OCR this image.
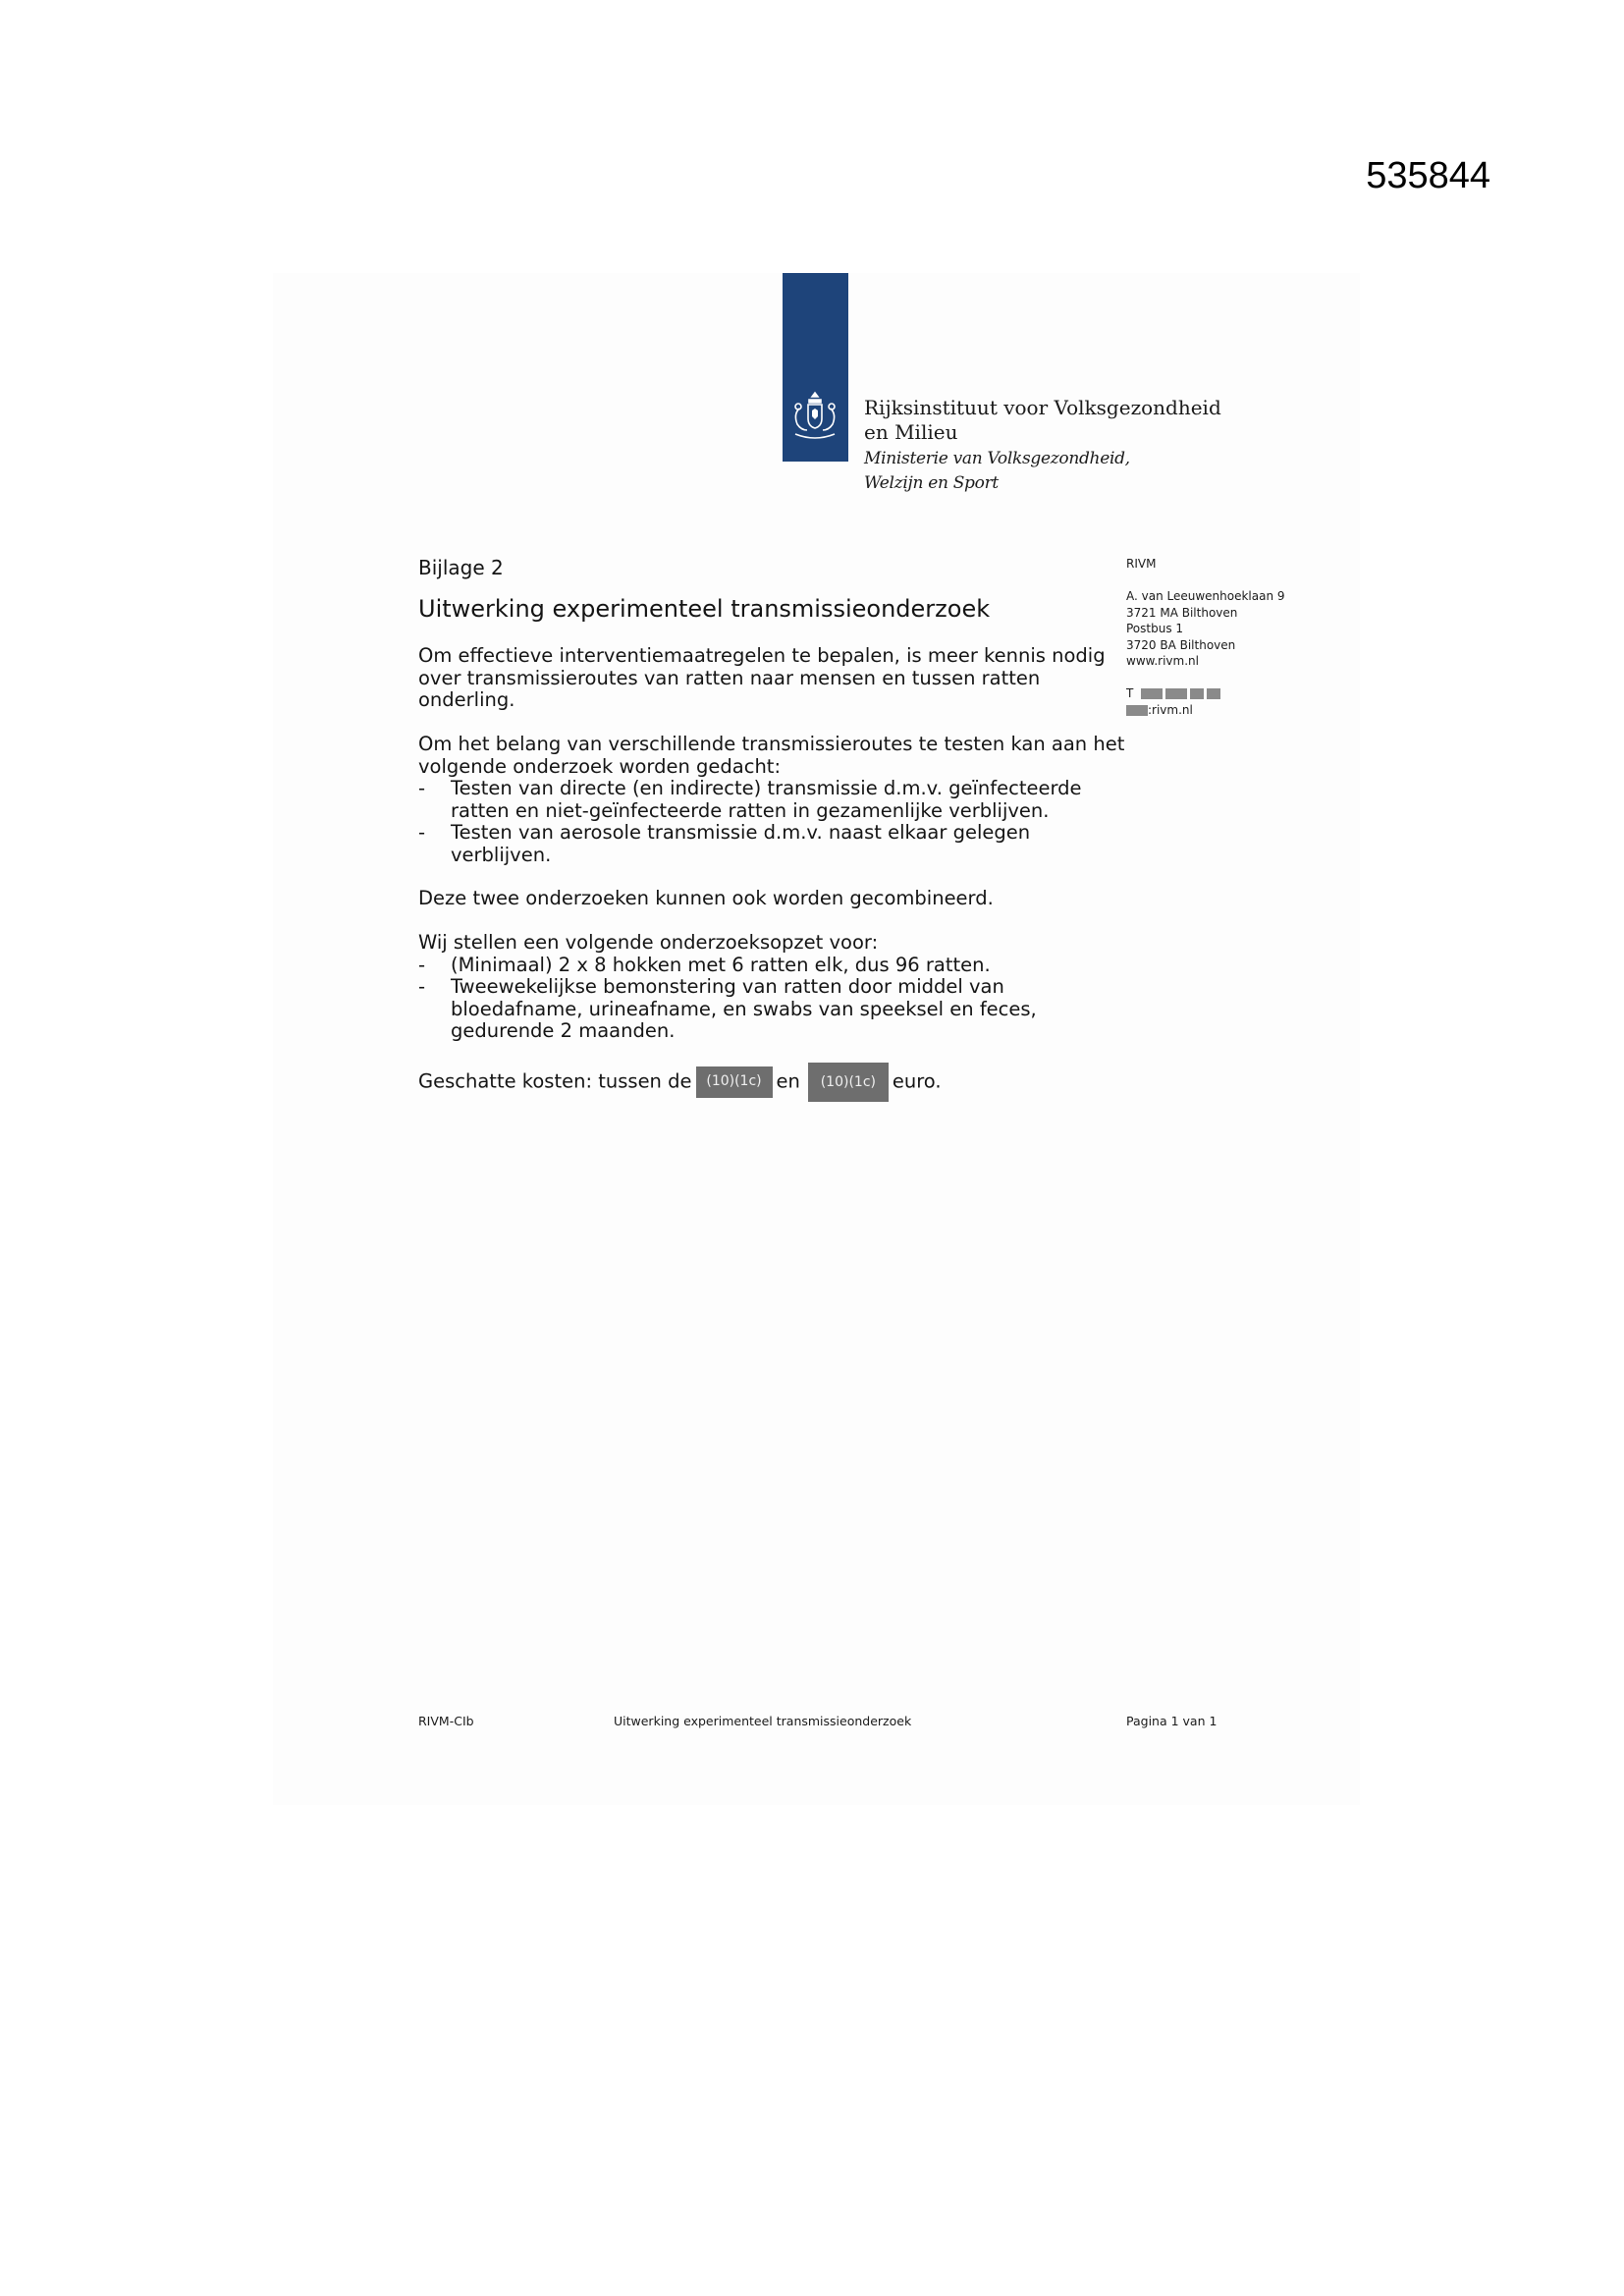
535844
Rijksinstituut voor Volksgezondheid
en Milieu
Ministerie van Volksgezondheid,
Welzijn en Sport
RIVM
A. van Leeuwenhoeklaan 9
3721 MA Bilthoven
Postbus 1
3720 BA Bilthoven
www.rivm.nl
T
:rivm.nl
Bijlage 2
Uitwerking experimenteel transmissieonderzoek
Om effectieve interventiemaatregelen te bepalen, is meer kennis nodig
over transmissieroutes van ratten naar mensen en tussen ratten
onderling.
Om het belang van verschillende transmissieroutes te testen kan aan het
volgende onderzoek worden gedacht:
- Testen van directe (en indirecte) transmissie d.m.v. geïnfecteerde
ratten en niet-geïnfecteerde ratten in gezamenlijke verblijven.
- Testen van aerosole transmissie d.m.v. naast elkaar gelegen
verblijven.
Deze twee onderzoeken kunnen ook worden gecombineerd.
Wij stellen een volgende onderzoeksopzet voor:
- (Minimaal) 2 x 8 hokken met 6 ratten elk, dus 96 ratten.
- Tweewekelijkse bemonstering van ratten door middel van
bloedafname, urineafname, en swabs van speeksel en feces,
gedurende 2 maanden.
Geschatte kosten: tussen de (10)(1c) en (10)(1c) euro.
RIVM-CIb	Uitwerking experimenteel transmissieonderzoek	Pagina 1 van 1
